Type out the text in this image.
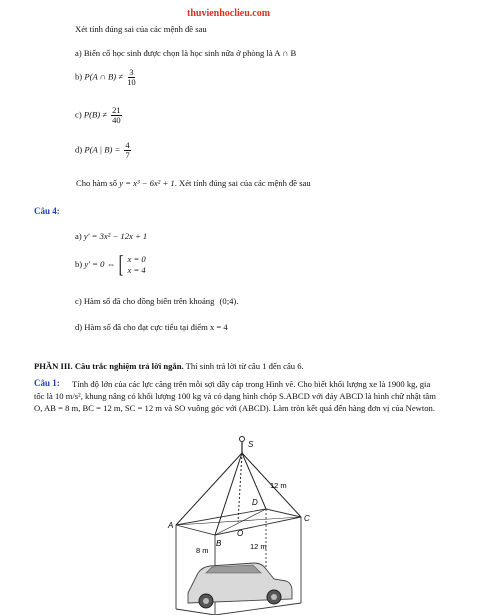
thuvienhoclieu.com
Xét tính đúng sai của các mệnh đề sau
a) Biến cố học sinh được chọn là học sinh nữa ở phòng là A ∩ B
b) P(A ∩ $B) \ne \frac{3}{10}$
c) $P(B) \ne \frac{21}{40}$
d) P(A | $B) = \frac{4}{7}$
Cho hàm số y = x³ − 6x² + 1. Xét tính đúng sai của các mệnh đề sau
Câu 4:
a) y′ = 3x² − 12x + 1
b) y′ = 0 ⇔ [ x = 0
x = 4
c) Hàm số đã cho đồng biến trên khoảng (0;4).
d) Hàm số đã cho đạt cực tiểu tại điểm x = 4
PHẦN III. Câu trắc nghiệm trả lời ngắn. Thí sinh trả lời từ câu 1 đến câu 6.
Câu 1:	Tính độ lớn của các lực căng trên mỗi sợi dây cáp trong Hình vẽ. Cho biết khối lượng xe là 1900 kg, gia tốc là 10 m/s², khung nâng có khối lượng 100 kg và có dạng hình chóp S.ABCD với đáy ABCD là hình chữ nhật tâm O, AB = 8 m, BC = 12 m, SC = 12 m và SO vuông góc với (ABCD). Làm tròn kết quả đến hàng đơn vị của Newton.
S
A
B
C
D
O
12 m
8 m	12 m
